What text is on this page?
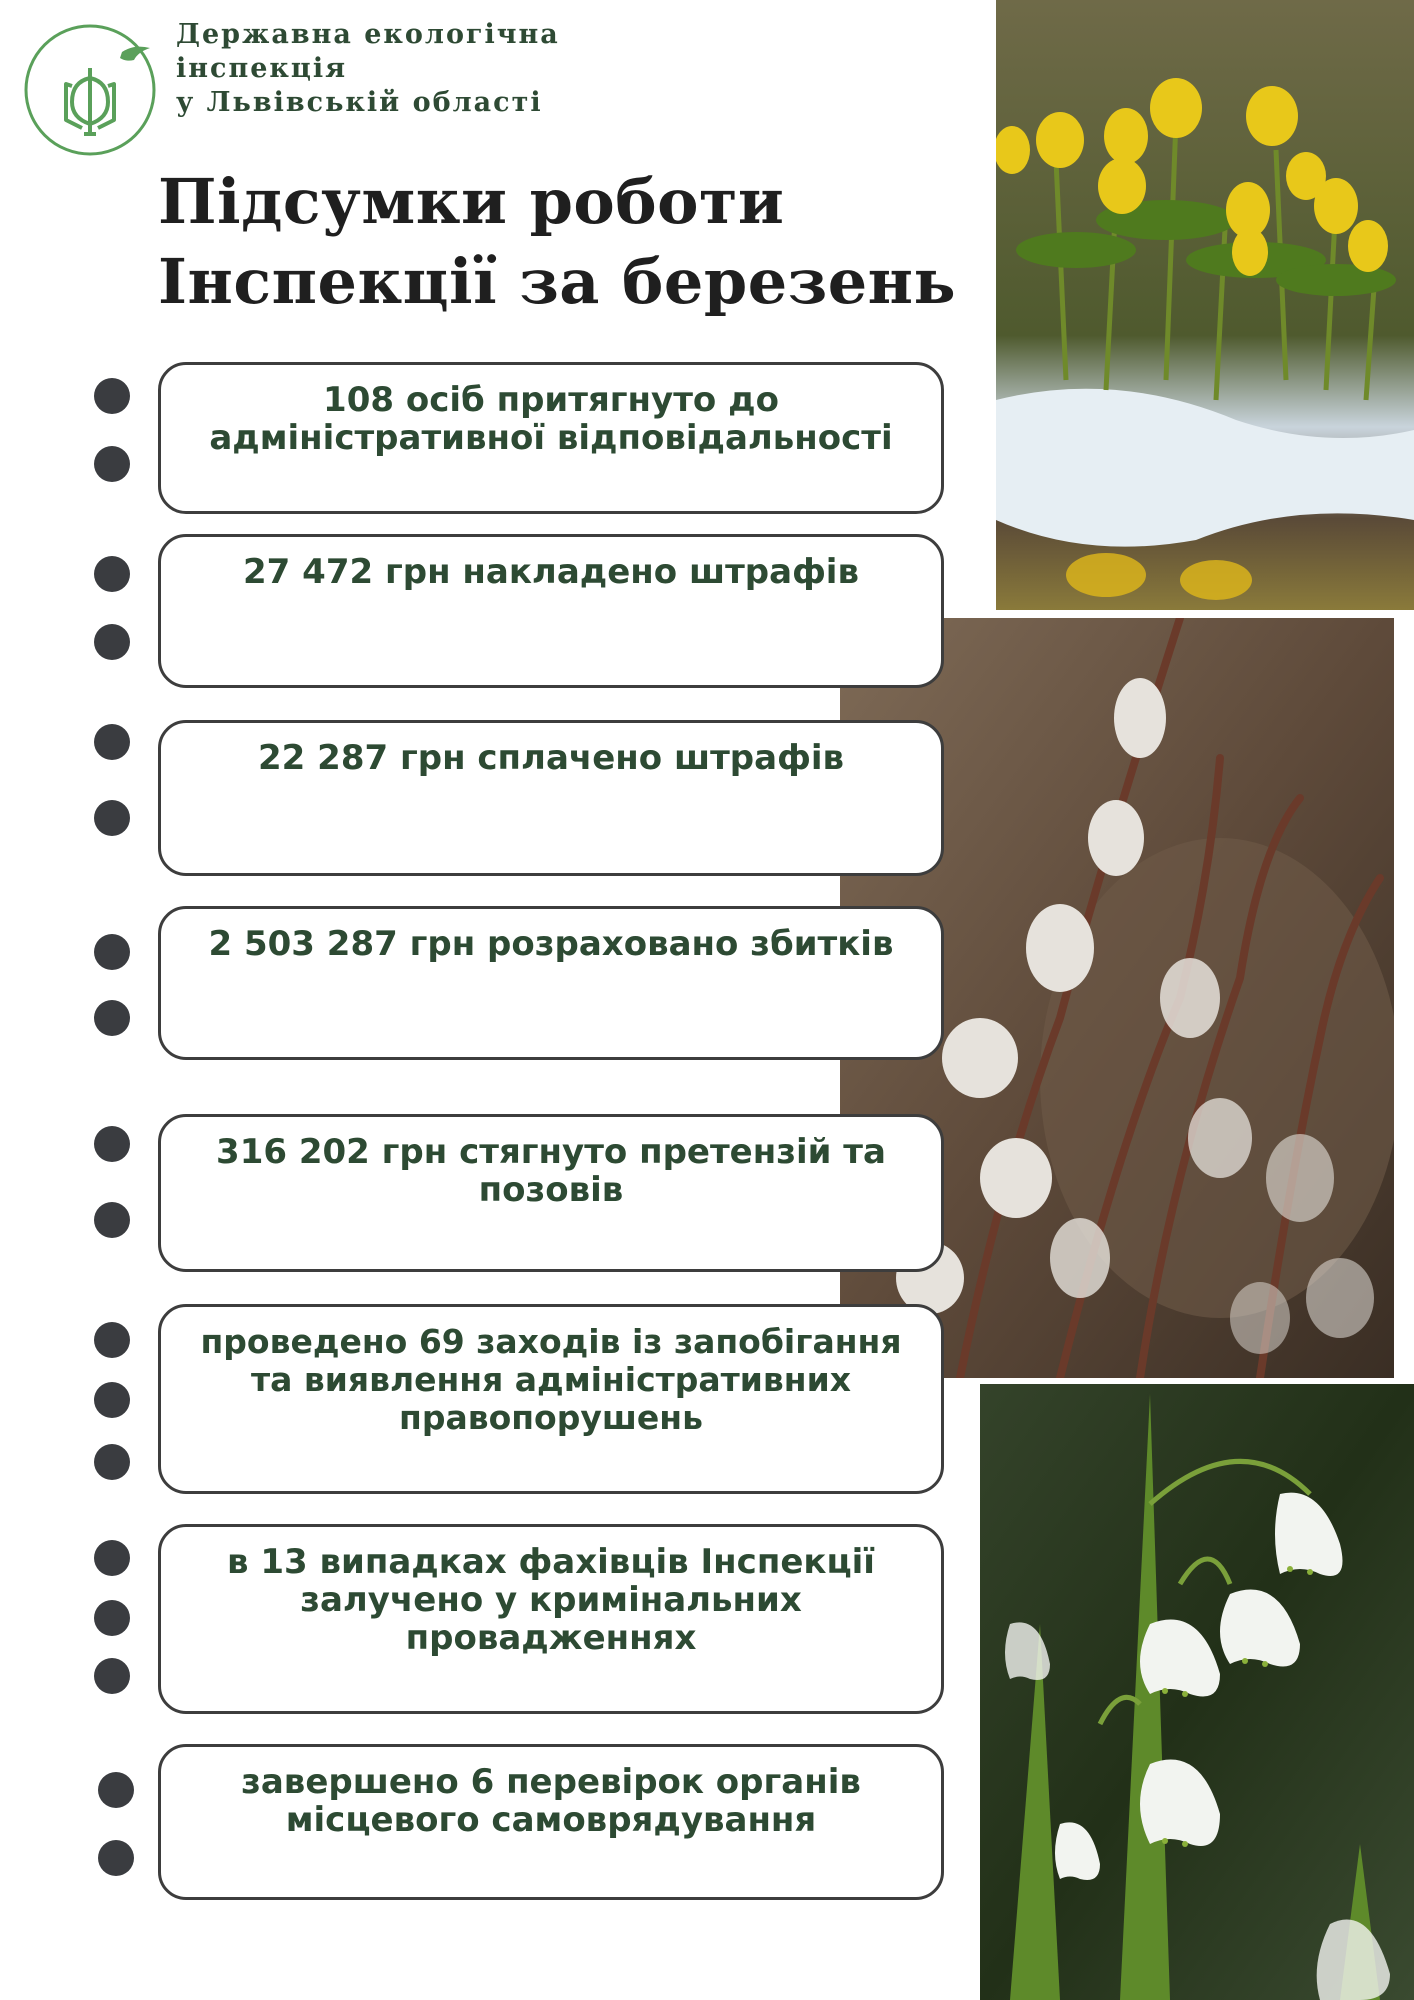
Державна екологічна
інспекція
у Львівській області
Підсумки роботи
Інспекції за березень
108 осіб притягнуто до адміністративної відповідальності
27 472 грн накладено штрафів
22 287 грн сплачено штрафів
2 503 287 грн розраховано збитків
316 202 грн стягнуто претензій та позовів
проведено 69 заходів із запобігання та виявлення адміністративних правопорушень
в 13 випадках фахівців Інспекції залучено у кримінальних провадженнях
завершено 6 перевірок органів місцевого самоврядування
